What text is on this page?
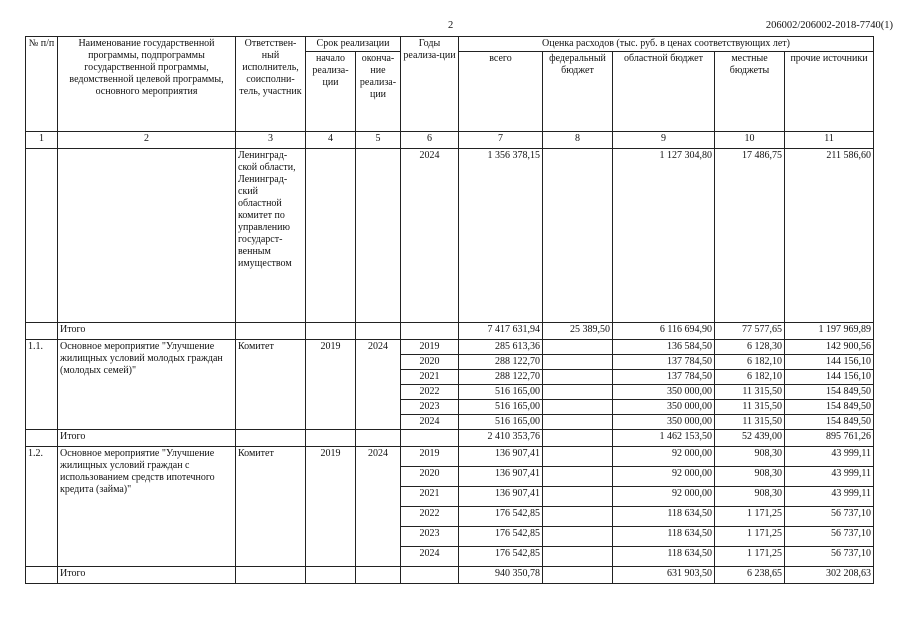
2	206002/206002-2018-7740(1)
№ п/п	Наименование государственной программы, подпрограммы государственной программы, ведомственной целевой программы, основного мероприятия	Ответствен-ный исполнитель, соисполни-тель, участник	Срок реализации		Годы реализа-ции	Оценка расходов (тыс. руб. в ценах соответствующих лет)				
			начало реализа-ции	оконча-ние реализа-ции		всего	федеральный бюджет	областной бюджет	местные бюджеты	прочие источники
1	2	3	4	5	6	7	8	9	10	11
		Ленинград-ской области, Ленинград-ский областной комитет по управлению государст-венным имуществом			2024	1 356 378,15		1 127 304,80	17 486,75	211 586,60
	Итого					7 417 631,94	25 389,50	6 116 694,90	77 577,65	1 197 969,89
1.1.	Основное мероприятие "Улучшение жилищных условий молодых граждан (молодых семей)"	Комитет	2019	2024	2019	285 613,36		136 584,50	6 128,30	142 900,56
					2020	288 122,70		137 784,50	6 182,10	144 156,10
					2021	288 122,70		137 784,50	6 182,10	144 156,10
					2022	516 165,00		350 000,00	11 315,50	154 849,50
					2023	516 165,00		350 000,00	11 315,50	154 849,50
					2024	516 165,00		350 000,00	11 315,50	154 849,50
	Итого					2 410 353,76		1 462 153,50	52 439,00	895 761,26
1.2.	Основное мероприятие "Улучшение жилищных условий граждан с использованием средств ипотечного кредита (займа)"	Комитет	2019	2024	2019	136 907,41		92 000,00	908,30	43 999,11
					2020	136 907,41		92 000,00	908,30	43 999,11
					2021	136 907,41		92 000,00	908,30	43 999,11
					2022	176 542,85		118 634,50	1 171,25	56 737,10
					2023	176 542,85		118 634,50	1 171,25	56 737,10
					2024	176 542,85		118 634,50	1 171,25	56 737,10
	Итого					940 350,78		631 903,50	6 238,65	302 208,63
